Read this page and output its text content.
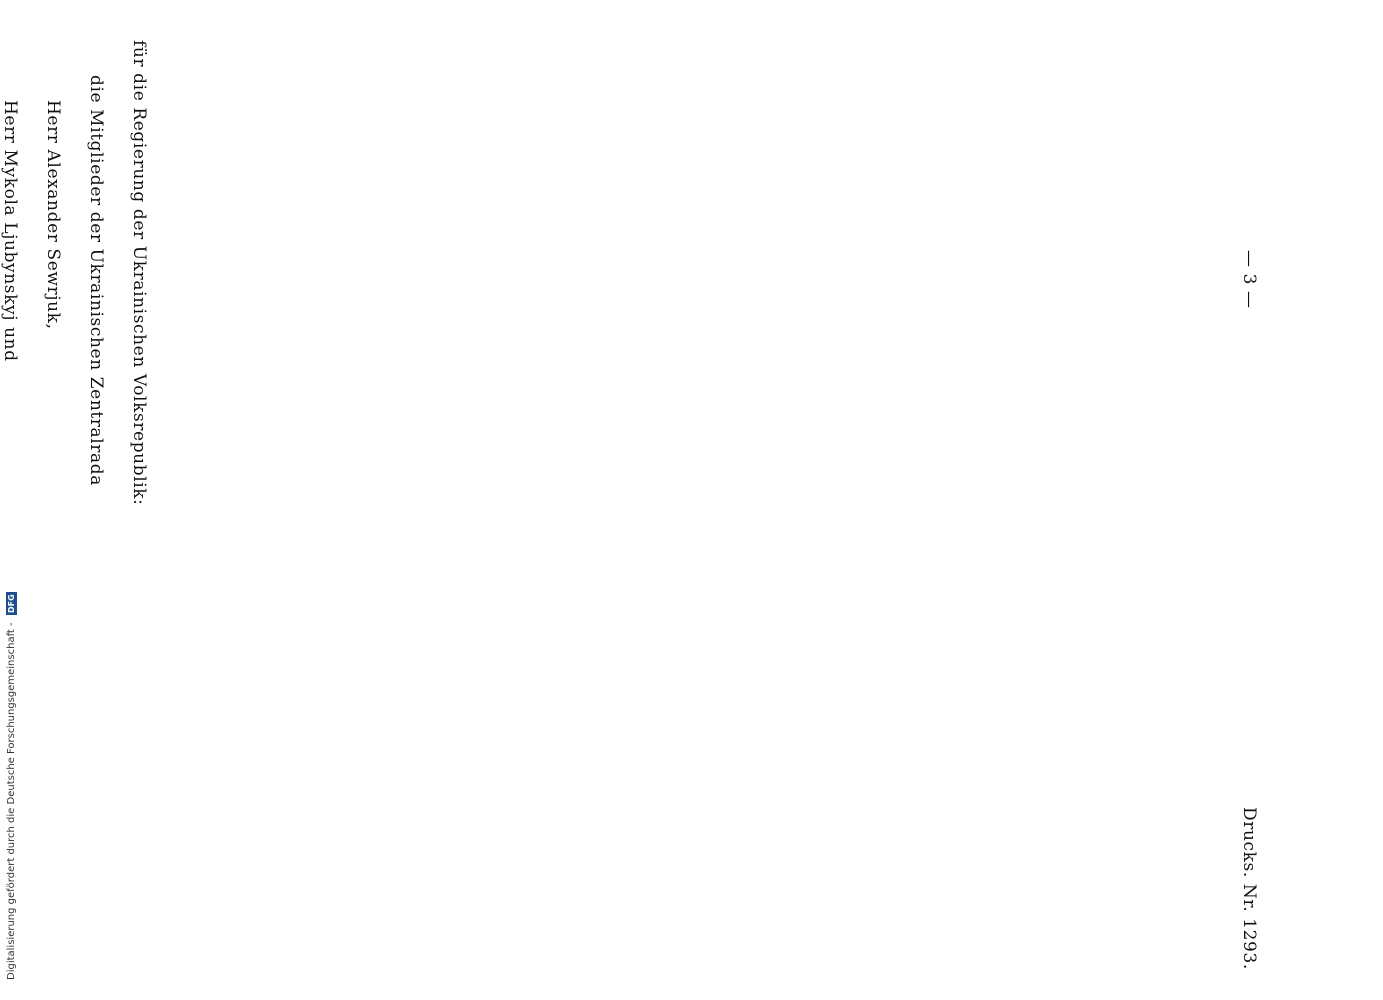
— 3 —
Drucks. Nr. 1293.
für die Regierung der Ukrainischen Volksrepublik:
die Mitglieder der Ukrainischen Zentralrada
Herr Alexander Sewrjuk,
Herr Mykola Ljubynskyj und
Digitalisierung gefördert durch die Deutsche Forschungsgemeinschaft - DFG
